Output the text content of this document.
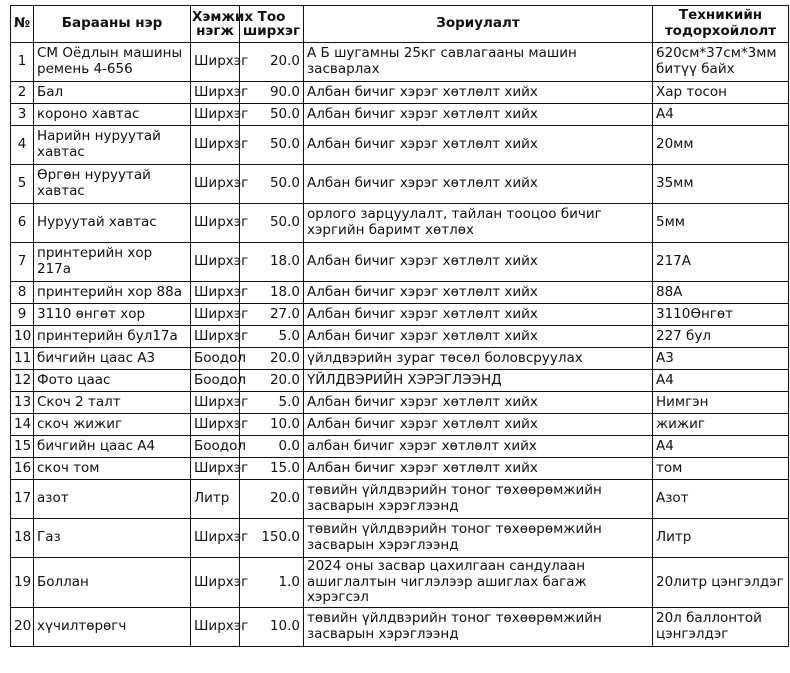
№	Барааны нэр	Хэмжих нэгж	Тоо ширхэг	Зориулалт	Техникийн тодорхойлолт
1	СМ Оёдлын машины ремень 4-656	Ширхэг	20.0	А Б шугамны 25кг савлагааны машин засварлах	620см*37см*3мм битүү байх
2	Бал	Ширхэг	90.0	Албан бичиг хэрэг хөтлөлт хийх	Хар тосон
3	короно хавтас	Ширхэг	50.0	Албан бичиг хэрэг хөтлөлт хийх	А4
4	Нарийн нуруутай хавтас	Ширхэг	50.0	Албан бичиг хэрэг хөтлөлт хийх	20мм
5	Өргөн нуруутай хавтас	Ширхэг	50.0	Албан бичиг хэрэг хөтлөлт хийх	35мм
6	Нуруутай хавтас	Ширхэг	50.0	орлого зарцуулалт, тайлан тооцоо бичиг хэргийн баримт хөтлөх	5мм
7	принтерийн хор 217а	Ширхэг	18.0	Албан бичиг хэрэг хөтлөлт хийх	217А
8	принтерийн хор 88а	Ширхэг	18.0	Албан бичиг хэрэг хөтлөлт хийх	88А
9	3110 өнгөт хор	Ширхэг	27.0	Албан бичиг хэрэг хөтлөлт хийх	3110Өнгөт
10	принтерийн бул17а	Ширхэг	5.0	Албан бичиг хэрэг хөтлөлт хийх	227 бул
11	бичгийн цаас А3	Боодол	20.0	үйлдвэрийн зураг төсөл боловсруулах	А3
12	Фото цаас	Боодол	20.0	ҮЙЛДВЭРИЙН ХЭРЭГЛЭЭНД	А4
13	Скоч 2 талт	Ширхэг	5.0	Албан бичиг хэрэг хөтлөлт хийх	Нимгэн
14	скоч жижиг	Ширхэг	10.0	Албан бичиг хэрэг хөтлөлт хийх	жижиг
15	бичгийн цаас А4	Боодол	0.0	албан бичиг хэрэг хөтлөлт хийх	А4
16	скоч том	Ширхэг	15.0	Албан бичиг хэрэг хөтлөлт хийх	том
17	азот	Литр	20.0	төвийн үйлдвэрийн тоног төхөөрөмжийн засварын хэрэглээнд	Азот
18	Газ	Ширхэг	150.0	төвийн үйлдвэрийн тоног төхөөрөмжийн засварын хэрэглээнд	Литр
19	Боллан	Ширхэг	1.0	2024 оны засвар цахилгаан сандулаан ашиглалтын чиглэлээр ашиглах багаж хэрэгсэл	20литр цэнгэлдэг
20	хүчилтөрөгч	Ширхэг	10.0	төвийн үйлдвэрийн тоног төхөөрөмжийн засварын хэрэглээнд	20л баллонтой цэнгэлдэг
